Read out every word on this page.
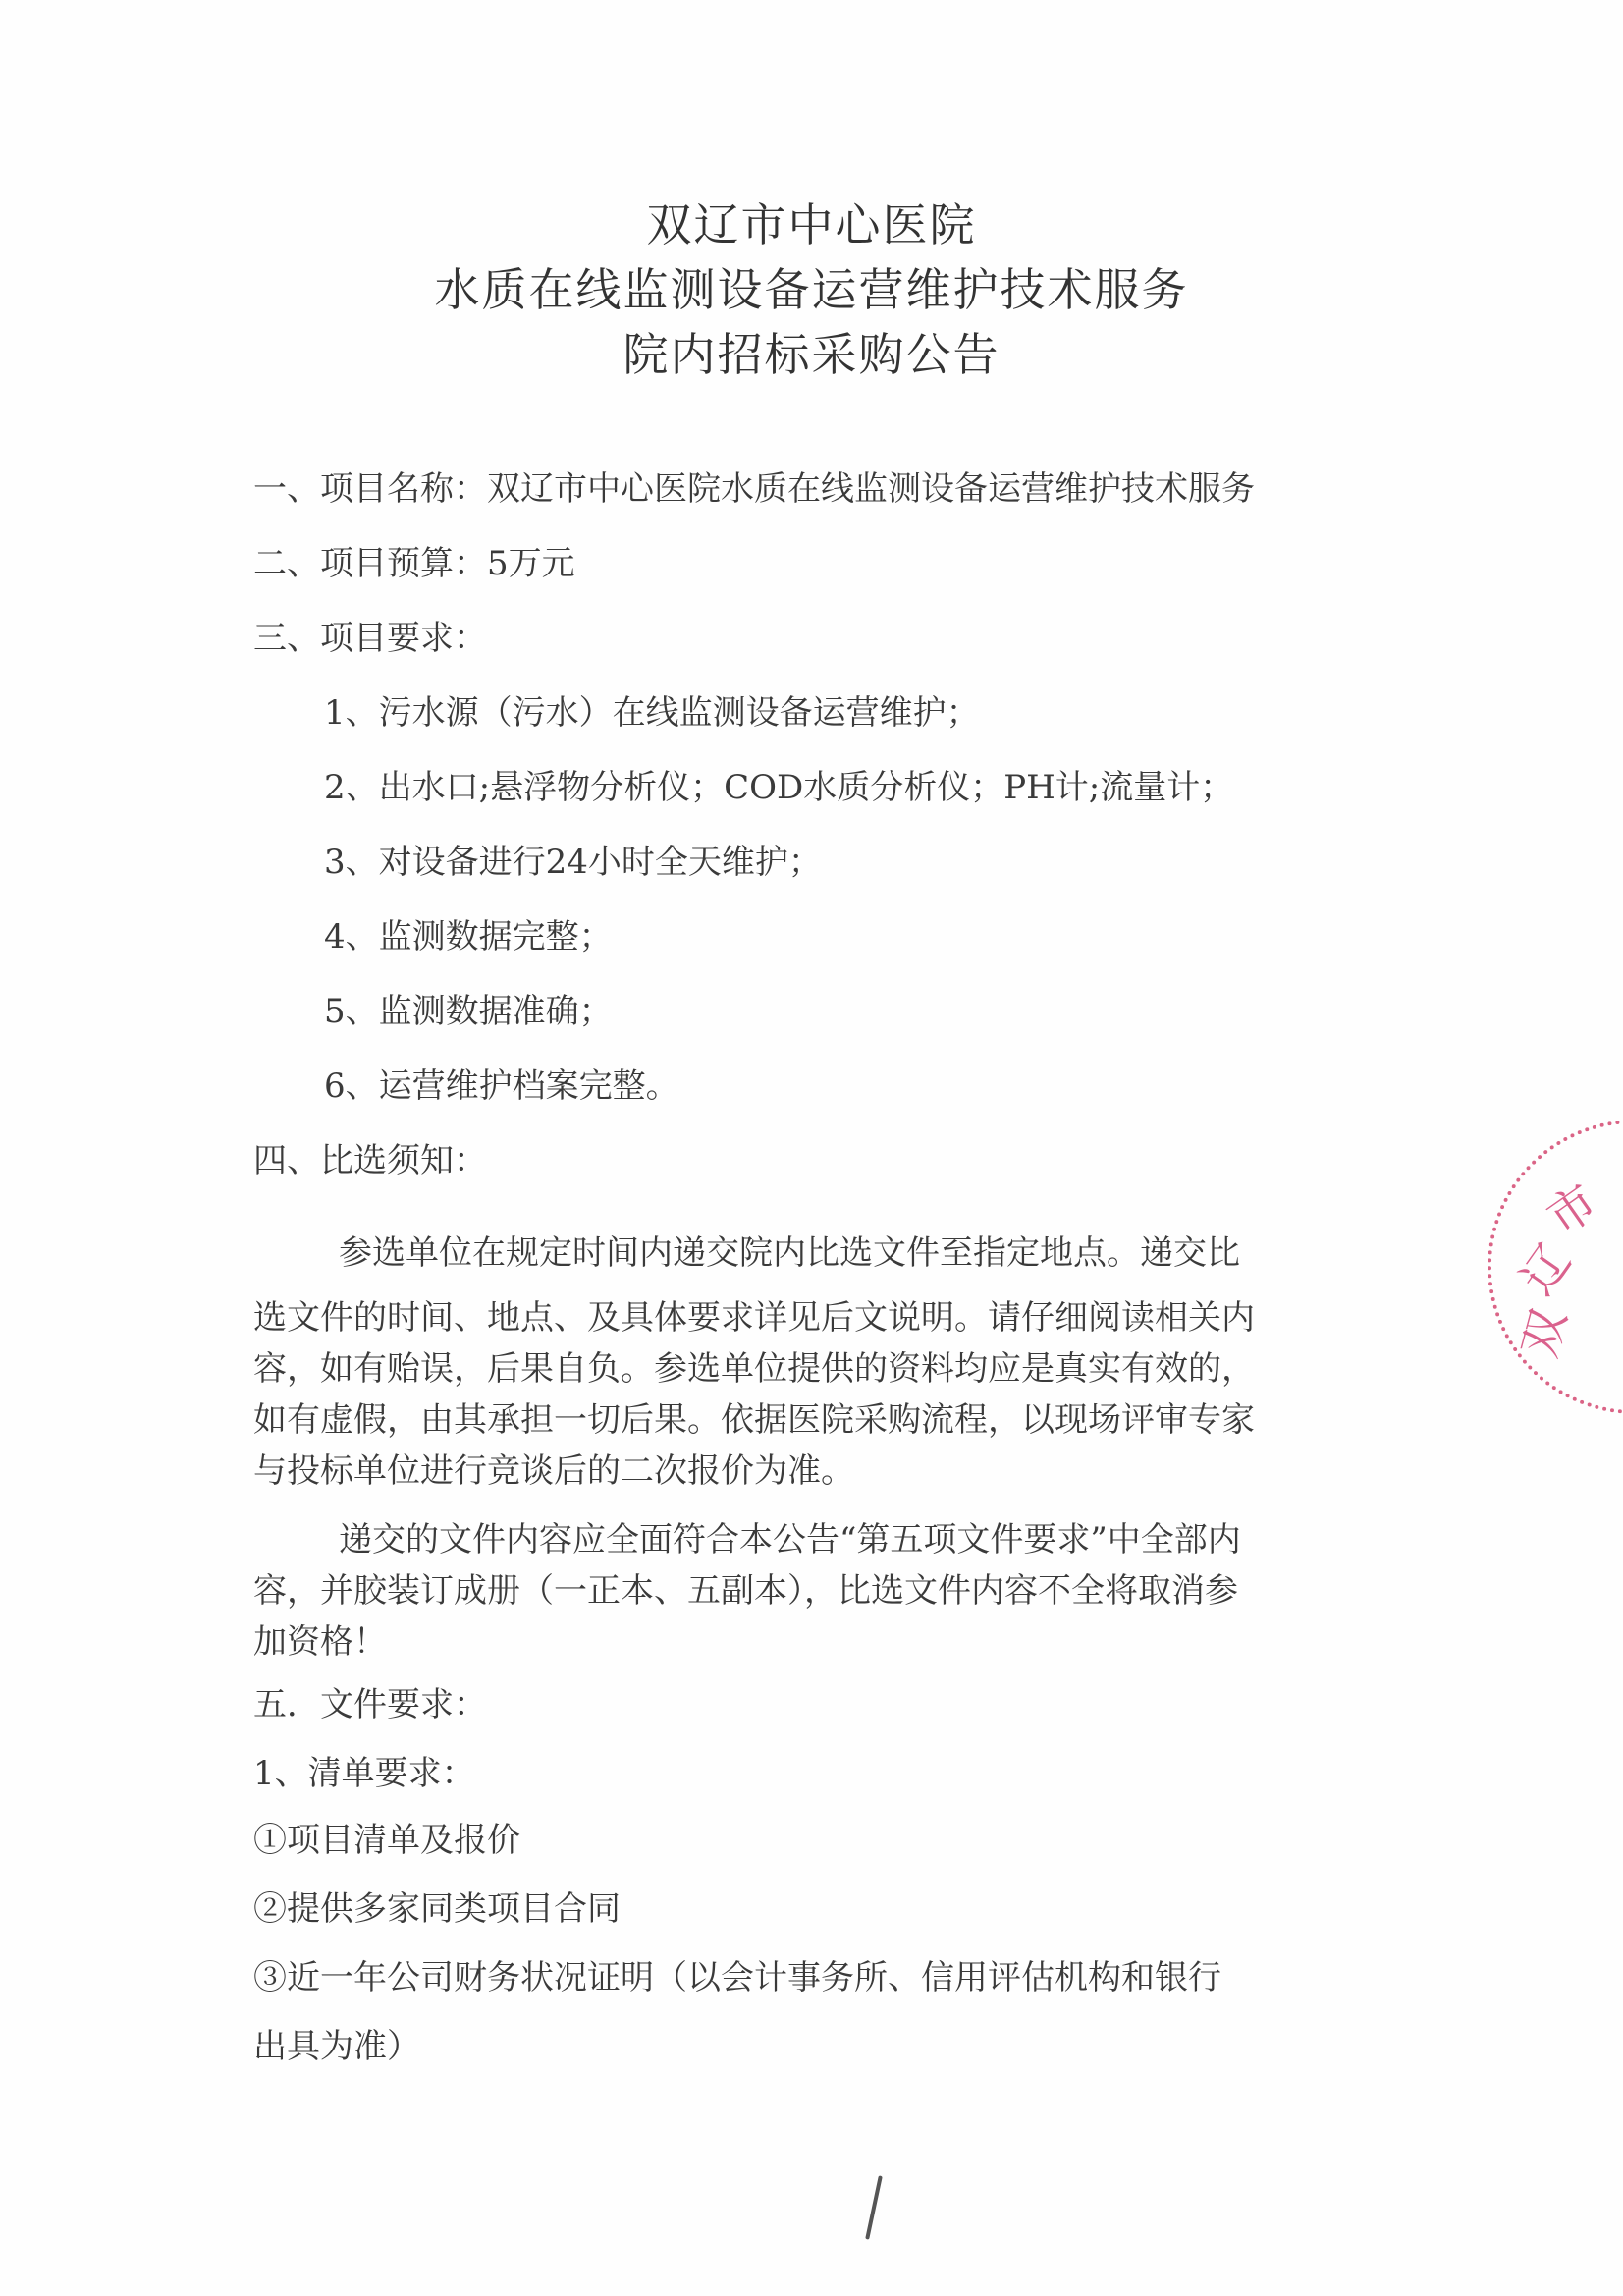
双辽市中心医院
水质在线监测设备运营维护技术服务
院内招标采购公告
一、项目名称：双辽市中心医院水质在线监测设备运营维护技术服务
二、项目预算：5万元
三、项目要求：
1、污水源（污水）在线监测设备运营维护；
2、出水口;悬浮物分析仪；COD水质分析仪；PH计;流量计；
3、对设备进行24小时全天维护；
4、监测数据完整；
5、监测数据准确；
6、运营维护档案完整。
四、比选须知：
参选单位在规定时间内递交院内比选文件至指定地点。递交比
选文件的时间、地点、及具体要求详见后文说明。请仔细阅读相关内
容，如有贻误，后果自负。参选单位提供的资料均应是真实有效的，
如有虚假，由其承担一切后果。依据医院采购流程，以现场评审专家
与投标单位进行竞谈后的二次报价为准。
递交的文件内容应全面符合本公告“第五项文件要求”中全部内
容，并胶装订成册（一正本、五副本），比选文件内容不全将取消参
加资格！
五．文件要求：
1、清单要求：
①项目清单及报价
②提供多家同类项目合同
③近一年公司财务状况证明（以会计事务所、信用评估机构和银行
出具为准）
双
辽
市
